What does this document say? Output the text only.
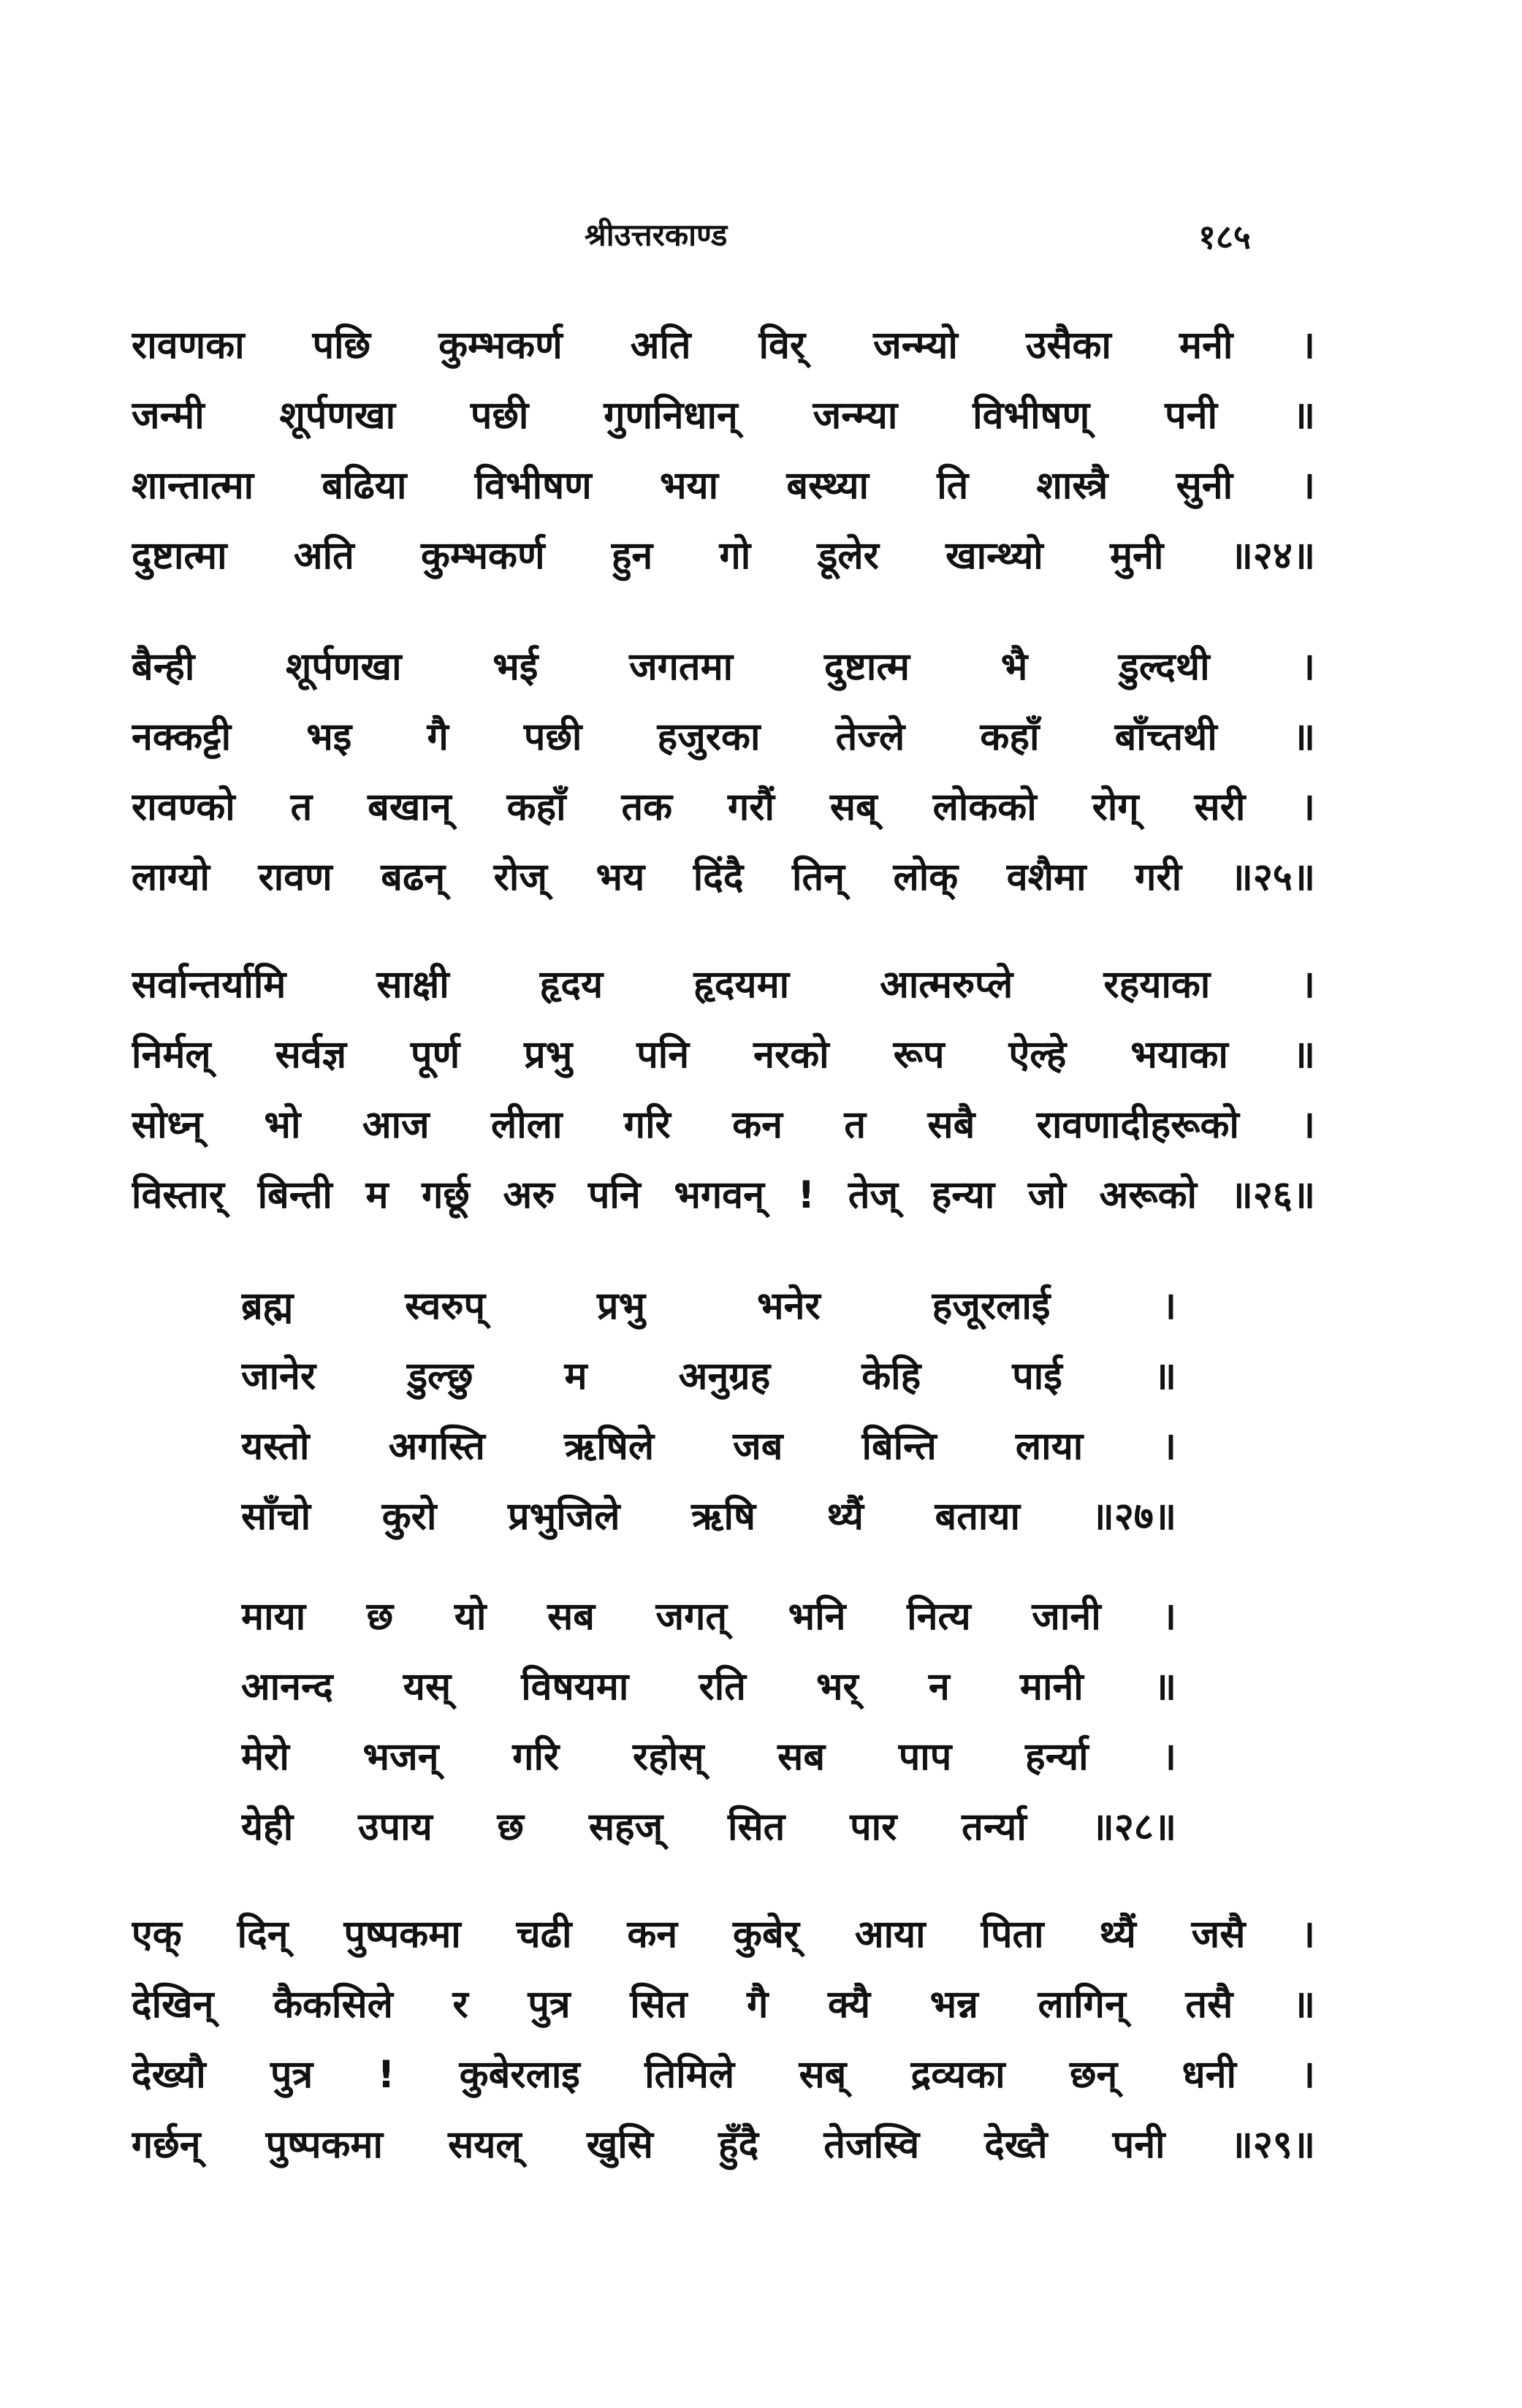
श्रीउत्तरकाण्ड	१८५
रावणका पछि कुम्भकर्ण अति विर् जन्म्यो उसैका मनी ।
जन्मी शूर्पणखा पछी गुणनिधान् जन्म्या विभीषण् पनी ॥
शान्तात्मा बढिया विभीषण भया बस्थ्या ति शास्त्रै सुनी ।
दुष्टात्मा अति कुम्भकर्ण हुन गो डूलेर खान्थ्यो मुनी ॥२४॥
बैन्ही शूर्पणखा भई जगतमा दुष्टात्म भै डुल्दथी ।
नक्कट्टी भइ गै पछी हजुरका तेज्ले कहाँ बाँच्तथी ॥
रावण्को त बखान् कहाँ तक गरौं सब् लोकको रोग् सरी ।
लाग्यो रावण बढन् रोज् भय दिंदै तिन् लोक् वशैमा गरी ॥२५॥
सर्वान्तर्यामि साक्षी हृदय हृदयमा आत्मरुप्ले रहयाका ।
निर्मल् सर्वज्ञ पूर्ण प्रभु पनि नरको रूप ऐल्हे भयाका ॥
सोध्न् भो आज लीला गरि कन त सबै रावणादीहरूको ।
विस्तार् बिन्ती म गर्छू अरु पनि भगवन् ! तेज् हन्या जो अरूको ॥२६॥
ब्रह्म स्वरुप् प्रभु भनेर हजूरलाई ।
जानेर डुल्छु म अनुग्रह केहि पाई ॥
यस्तो अगस्ति ऋषिले जब बिन्ति लाया ।
साँचो कुरो प्रभुजिले ऋषि थ्यैं बताया ॥२७॥
माया छ यो सब जगत् भनि नित्य जानी ।
आनन्द यस् विषयमा रति भर् न मानी ॥
मेरो भजन् गरि रहोस् सब पाप हर्न्या ।
येही उपाय छ सहज् सित पार तर्न्या ॥२८॥
एक् दिन् पुष्पकमा चढी कन कुबेर् आया पिता थ्यैं जसै ।
देखिन् कैकसिले र पुत्र सित गै क्यै भन्न लागिन् तसै ॥
देख्यौ पुत्र ! कुबेरलाइ तिमिले सब् द्रव्यका छन् धनी ।
गर्छन् पुष्पकमा सयल् खुसि हुँदै तेजस्वि देख्तै पनी ॥२९॥
